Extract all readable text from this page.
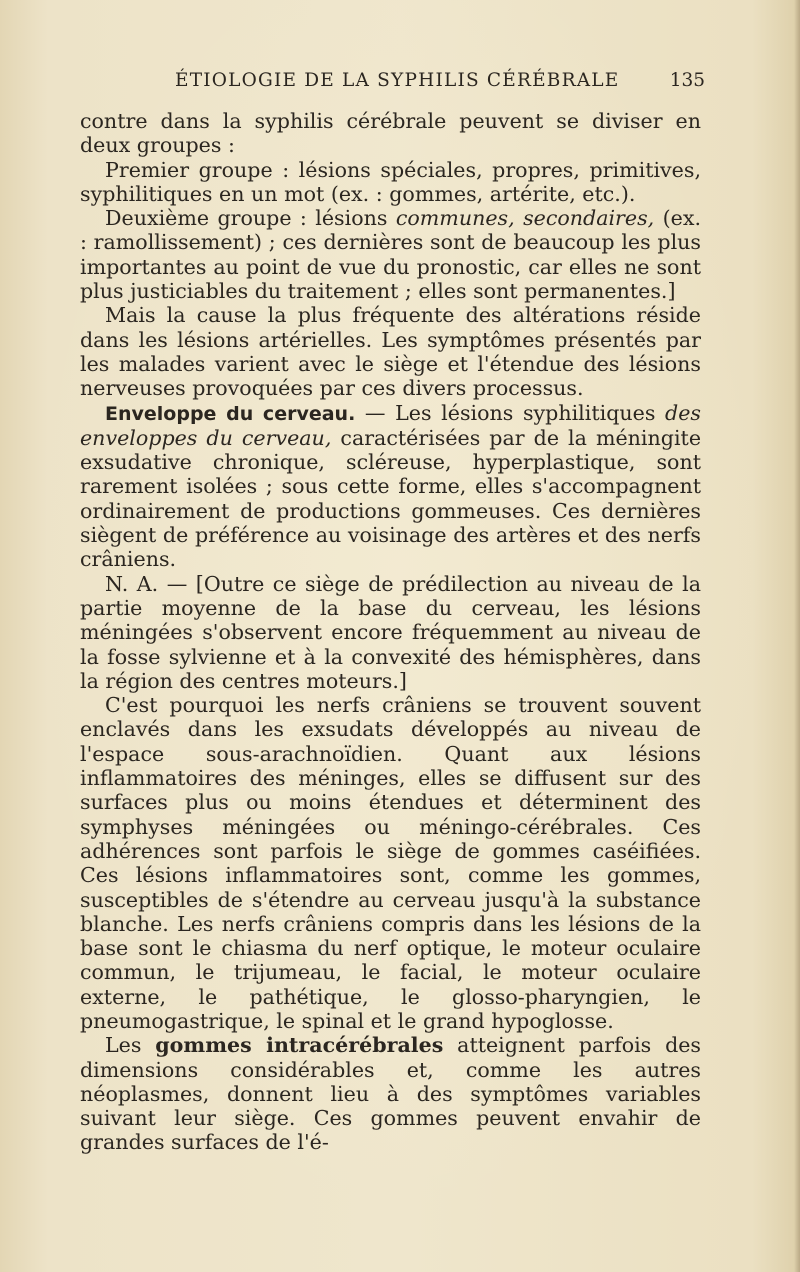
ÉTIOLOGIE DE LA SYPHILIS CÉRÉBRALE	135

contre dans la syphilis cérébrale peuvent se diviser en deux groupes :

Premier groupe : lésions spéciales, propres, primitives, syphilitiques en un mot (ex. : gommes, artérite, etc.).

Deuxième groupe : lésions communes, secondaires, (ex. : ramollissement) ; ces dernières sont de beaucoup les plus importantes au point de vue du pronostic, car elles ne sont plus justiciables du traitement ; elles sont permanentes.]

Mais la cause la plus fréquente des altérations réside dans les lésions artérielles. Les symptômes présentés par les malades varient avec le siège et l'étendue des lésions nerveuses provoquées par ces divers processus.

Enveloppe du cerveau. — Les lésions syphilitiques des enveloppes du cerveau, caractérisées par de la méningite exsudative chronique, scléreuse, hyperplastique, sont rarement isolées ; sous cette forme, elles s'accompagnent ordinairement de productions gommeuses. Ces dernières siègent de préférence au voisinage des artères et des nerfs crâniens.

N. A. — [Outre ce siège de prédilection au niveau de la partie moyenne de la base du cerveau, les lésions méningées s'observent encore fréquemment au niveau de la fosse sylvienne et à la convexité des hémisphères, dans la région des centres moteurs.]

C'est pourquoi les nerfs crâniens se trouvent souvent enclavés dans les exsudats développés au niveau de l'espace sous-arachnoïdien. Quant aux lésions inflammatoires des méninges, elles se diffusent sur des surfaces plus ou moins étendues et déterminent des symphyses méningées ou méningo-cérébrales. Ces adhérences sont parfois le siège de gommes caséifiées. Ces lésions inflammatoires sont, comme les gommes, susceptibles de s'étendre au cerveau jusqu'à la substance blanche. Les nerfs crâniens compris dans les lésions de la base sont le chiasma du nerf optique, le moteur oculaire commun, le trijumeau, le facial, le moteur oculaire externe, le pathétique, le glosso-pharyngien, le pneumogastrique, le spinal et le grand hypoglosse.

Les gommes intracérébrales atteignent parfois des dimensions considérables et, comme les autres néoplasmes, donnent lieu à des symptômes variables suivant leur siège. Ces gommes peuvent envahir de grandes surfaces de l'é-
